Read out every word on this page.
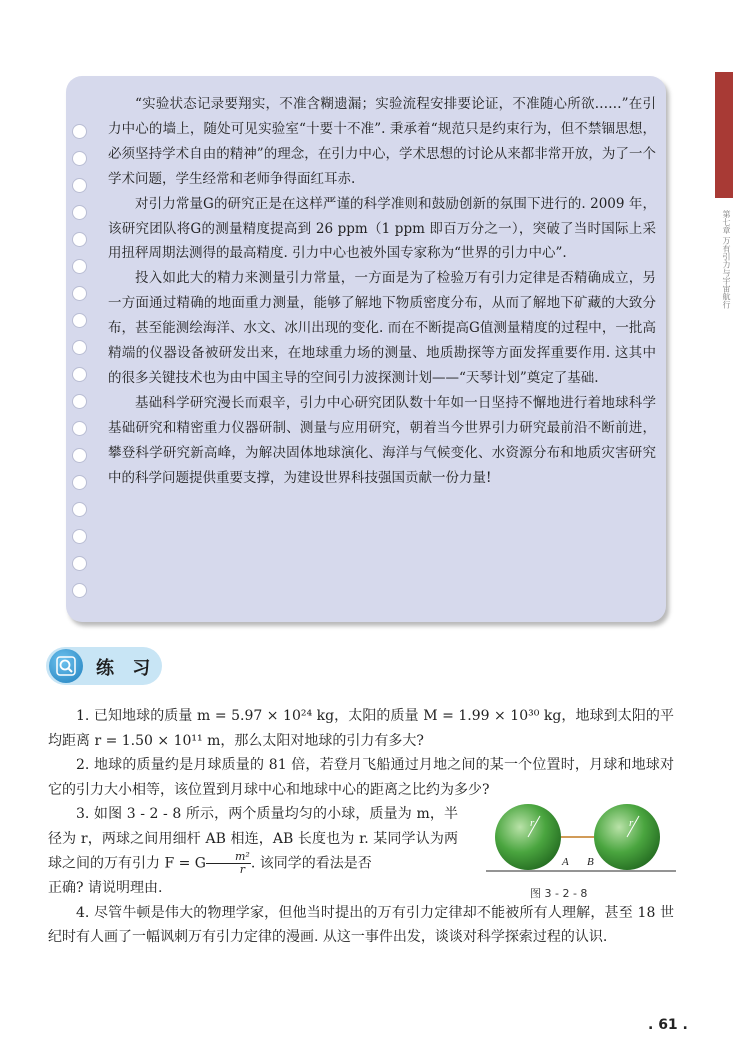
第七章 万有引力与宇宙航行

“实验状态记录要翔实，不准含糊遗漏；实验流程安排要论证，不准随心所欲……”在引力中心的墙上，随处可见实验室“十要十不准”. 秉承着“规范只是约束行为，但不禁锢思想，必须坚持学术自由的精神”的理念，在引力中心，学术思想的讨论从来都非常开放，为了一个学术问题，学生经常和老师争得面红耳赤.

对引力常量G的研究正是在这样严谨的科学准则和鼓励创新的氛围下进行的. 2009 年，该研究团队将G的测量精度提高到 26 ppm（1 ppm 即百万分之一），突破了当时国际上采用扭秤周期法测得的最高精度. 引力中心也被外国专家称为“世界的引力中心”.

投入如此大的精力来测量引力常量，一方面是为了检验万有引力定律是否精确成立，另一方面通过精确的地面重力测量，能够了解地下物质密度分布，从而了解地下矿藏的大致分布，甚至能测绘海洋、水文、冰川出现的变化. 而在不断提高G值测量精度的过程中，一批高精端的仪器设备被研发出来，在地球重力场的测量、地质勘探等方面发挥重要作用. 这其中的很多关键技术也为由中国主导的空间引力波探测计划——“天琴计划”奠定了基础.

基础科学研究漫长而艰辛，引力中心研究团队数十年如一日坚持不懈地进行着地球科学基础研究和精密重力仪器研制、测量与应用研究，朝着当今世界引力研究最前沿不断前进，攀登科学研究新高峰，为解决固体地球演化、海洋与气候变化、水资源分布和地质灾害研究中的科学问题提供重要支撑，为建设世界科技强国贡献一份力量!

练 习

1. 已知地球的质量 m = 5.97 × 10²⁴ kg，太阳的质量 M = 1.99 × 10³⁰ kg，地球到太阳的平均距离 r = 1.50 × 10¹¹ m，那么太阳对地球的引力有多大?

2. 地球的质量约是月球质量的 81 倍，若登月飞船通过月地之间的某一个位置时，月球和地球对它的引力大小相等，该位置到月球中心和地球中心的距离之比约为多少?

3. 如图 3 - 2 - 8 所示，两个质量均匀的小球，质量为 m，半径为 r，两球之间用细杆 AB 相连，AB 长度也为 r. 某同学认为两球之间的万有引力 F = G $\frac{\text{m²}}{r}$ . 该同学的看法是否

正确? 请说明理由.

4. 尽管牛顿是伟大的物理学家，但他当时提出的万有引力定律却不能被所有人理解，甚至 18 世纪时有人画了一幅讽刺万有引力定律的漫画. 从这一事件出发，谈谈对科学探索过程的认识.

r	r
A B
图 3 - 2 - 8
. 61 .
